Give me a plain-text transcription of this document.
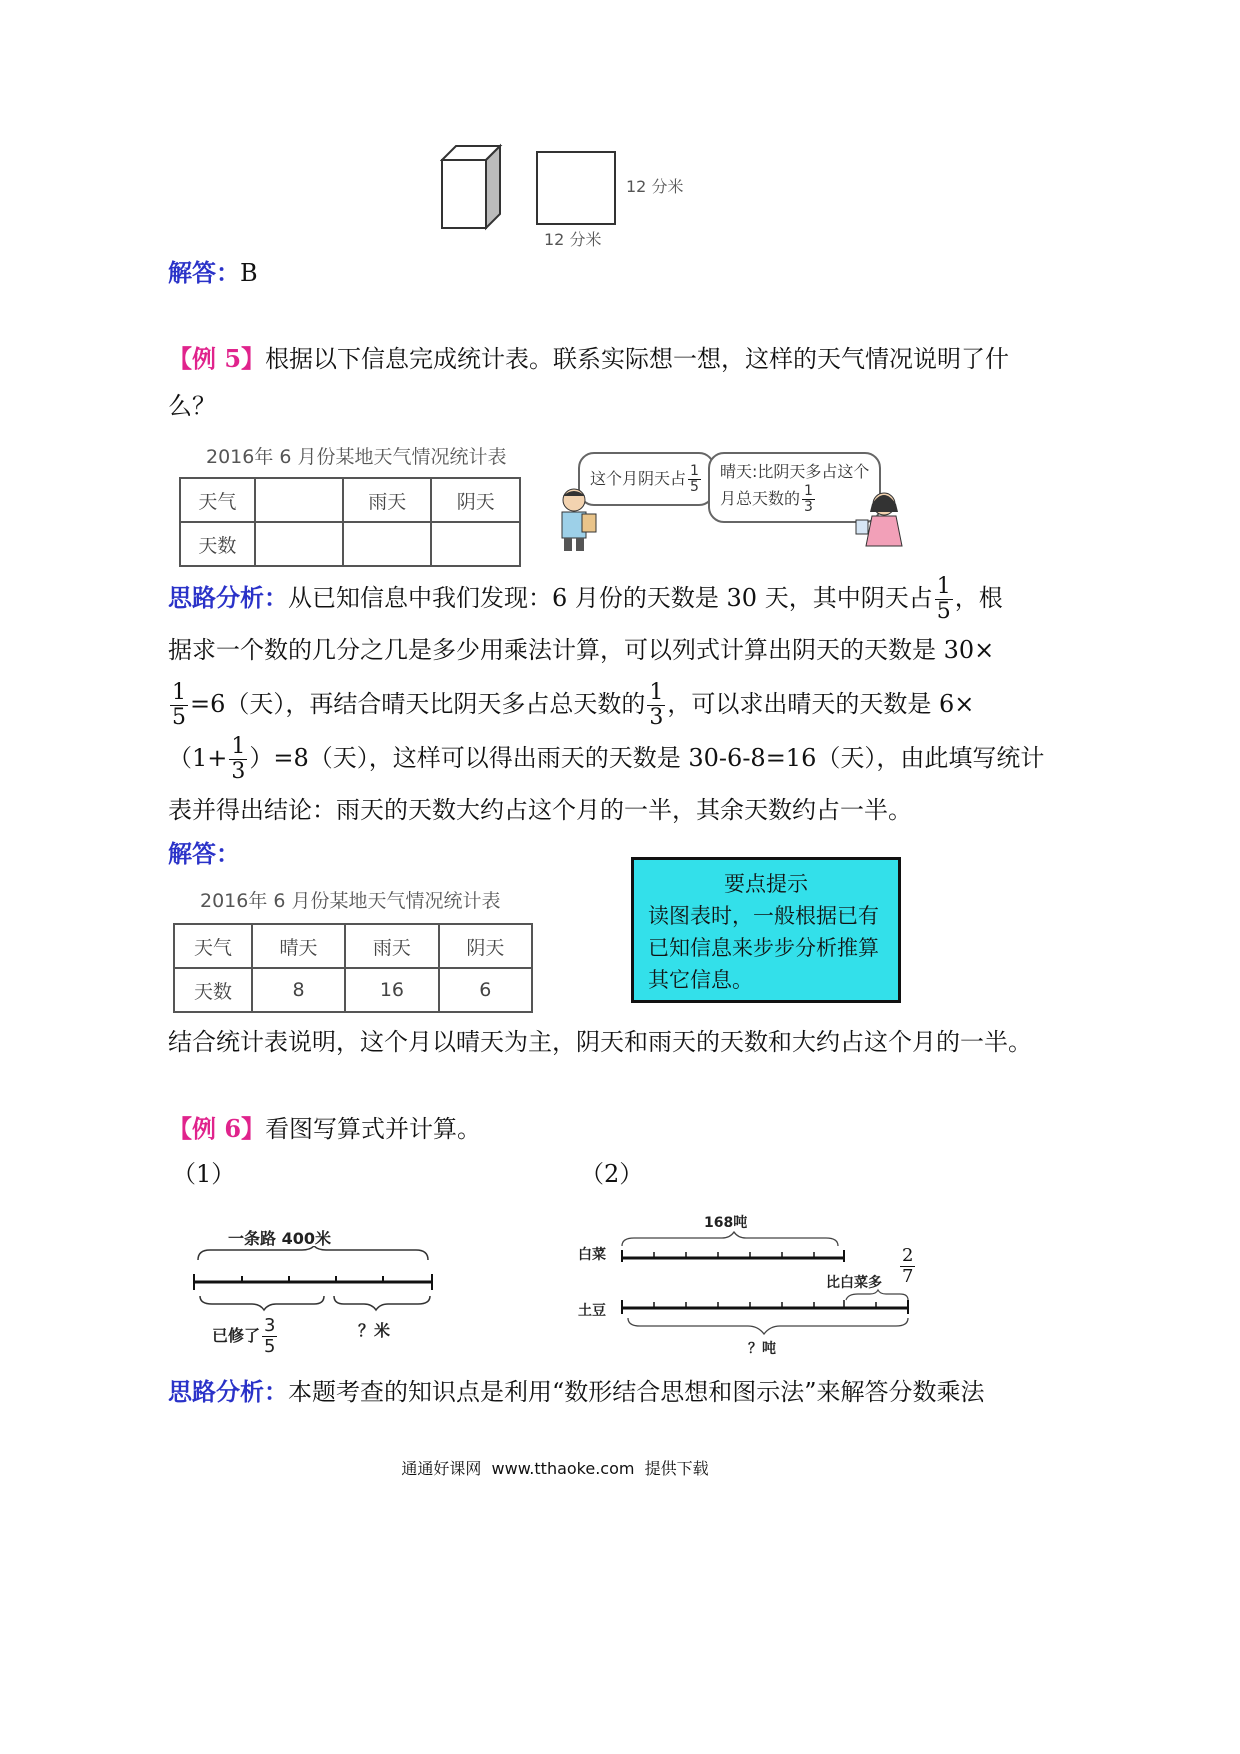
12 分米
12 分米
解答：B
【例 5】根据以下信息完成统计表。联系实际想一想，这样的天气情况说明了什
么？
2016年 6 月份某地天气情况统计表
天气		雨天	阴天
天数			
这个月阴天占 $\frac{1}{5}$	晴天:比阴天多占这个
月总天数的 $\frac{1}{3}$
思路分析：从已知信息中我们发现：6 月份的天数是 30 天，其中阴天占 $\frac{1}{5}$ ，根
据求一个数的几分之几是多少用乘法计算，可以列式计算出阴天的天数是 30×
$\frac{1}{5} =6$（天），再结合晴天比阴天多占总天数的 $\frac{1}{3}$ ，可以求出晴天的天数是 6×
$(1+ \frac{1}{3} )=8$（天），这样可以得出雨天的天数是 30-6-8=16（天），由此填写统计
表并得出结论：雨天的天数大约占这个月的一半，其余天数约占一半。
解答：
2016年 6 月份某地天气情况统计表
天气	晴天	雨天	阴天
天数	8	16	6
要点提示
读图表时，一般根据已有已知信息来步步分析推算其它信息。
结合统计表说明，这个月以晴天为主，阴天和雨天的天数和大约占这个月的一半。
【例 6】看图写算式并计算。
（1）	（2）
一条路 400米
已修了 $\frac{3}{5}$	？米
168吨
白菜
土豆
比白菜多 $\frac{2}{7}$
？吨
思路分析：本题考查的知识点是利用“数形结合思想和图示法”来解答分数乘法
通通好课网  www.tthaoke.com  提供下载
